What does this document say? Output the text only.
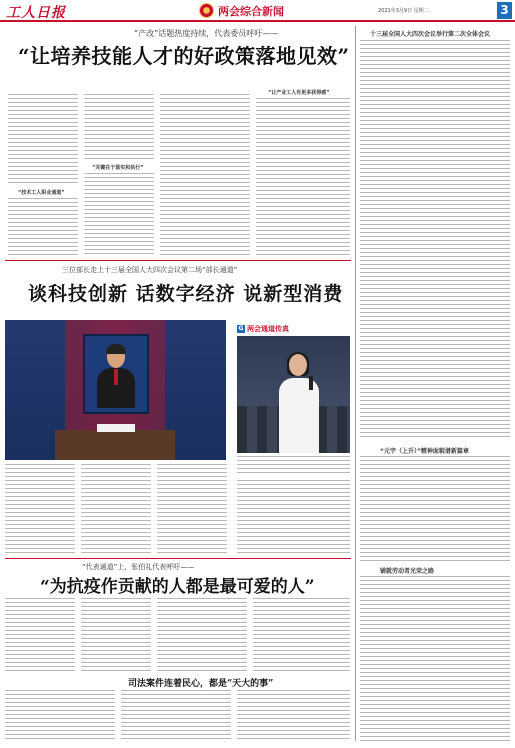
工人日报	两会综合新闻	2021年3月9日 星期二	3
“产改”话题热度持续，代表委员呼吁——
“让培养技能人才的好政策落地见效”
“技术工人职业通道”
“关键在于落实和执行”
“让产业工人有更多获得感”
十三届全国人大四次会议举行第二次全体会议
“元宇（上升）”精神面貌谱新篇章
铺就劳动者光荣之路
三位部长走上十三届全国人大四次会议第二场“部长通道”
谈科技创新 话数字经济 说新型消费
G 两会通道传真
“代表通道”上，张伯礼代表呼吁——
“为抗疫作贡献的人都是最可爱的人”
司法案件连着民心，都是“天大的事”
